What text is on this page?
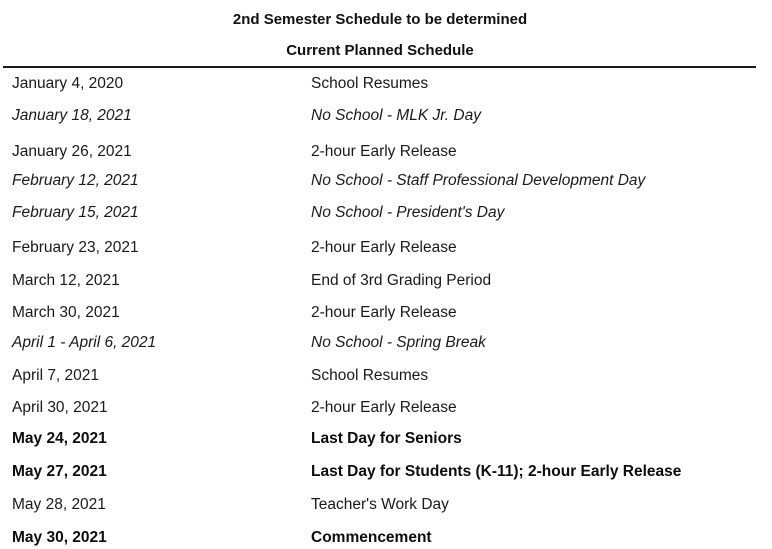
2nd Semester Schedule to be determined
Current Planned Schedule
January 4, 2020	School Resumes
January 18, 2021	No School - MLK Jr. Day
January 26, 2021	2-hour Early Release
February 12, 2021	No School - Staff Professional Development Day
February 15, 2021	No School - President's Day
February 23, 2021	2-hour Early Release
March 12, 2021	End of 3rd Grading Period
March 30, 2021	2-hour Early Release
April 1 - April 6, 2021	No School - Spring Break
April 7, 2021	School Resumes
April 30, 2021	2-hour Early Release
May 24, 2021	Last Day for Seniors
May 27, 2021	Last Day for Students (K-11); 2-hour Early Release
May 28, 2021	Teacher's Work Day
May 30, 2021	Commencement
